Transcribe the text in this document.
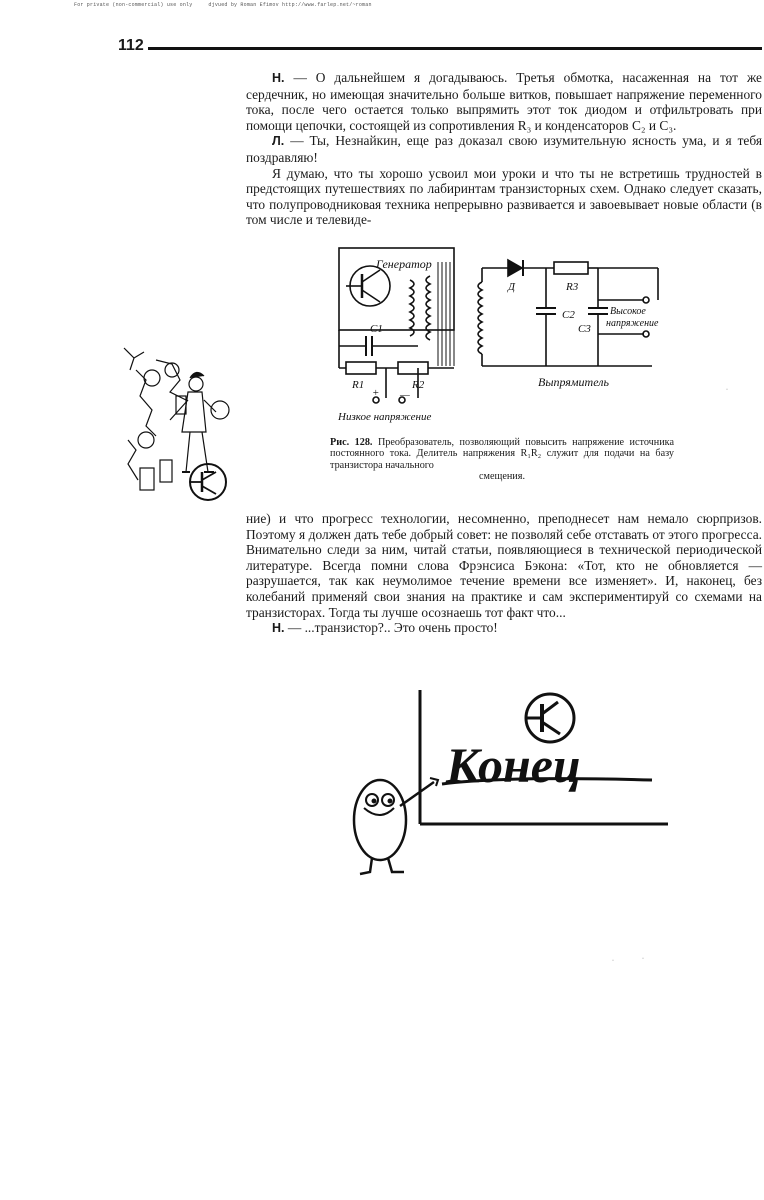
For private (non-commercial) use only     djvued by Roman Efimov http://www.farlep.net/~roman
112

Н. — О дальнейшем я догадываюсь. Третья обмотка, насаженная на тот же сердечник, но имеющая значительно больше витков, повышает напряжение переменного тока, после чего остается только выпрямить этот ток диодом и отфильтровать при помощи цепочки, состоящей из сопротивления R₃ и конденсаторов C₂ и C₃.

Л. — Ты, Незнайкин, еще раз доказал свою изумительную ясность ума, и я тебя поздравляю!

Я думаю, что ты хорошо усвоил мои уроки и что ты не встретишь трудностей в предстоящих путешествиях по лабиринтам транзисторных схем. Однако следует сказать, что полупроводниковая техника непрерывно развивается и завоевывает новые области (в том числе и телевиде-

Генератор
C1
R1	R2
+ —
Низкое напряжение
Д	R3
C2
C3
Высокое
напряжение
Выпрямитель
Рис. 128. Преобразователь, позволяющий повысить напряжение источника постоянного тока. Делитель напряжения R₁R₂ служит для подачи на базу транзистора начального
смещения.

ние) и что прогресс технологии, несомненно, преподнесет нам немало сюрпризов. Поэтому я должен дать тебе добрый совет: не позволяй себе отставать от этого прогресса. Внимательно следи за ним, читай статьи, появляющиеся в технической периодической литературе. Всегда помни слова Фрэнсиса Бэкона: «Тот, кто не обновляется — разрушается, так как неумолимое течение времени все изменяет». И, наконец, без колебаний применяй свои знания на практике и сам экспериментируй со схемами на транзисторах. Тогда ты лучше осознаешь тот факт что...

Н. — ...транзистор?.. Это очень просто!

Конец
·	·
·
